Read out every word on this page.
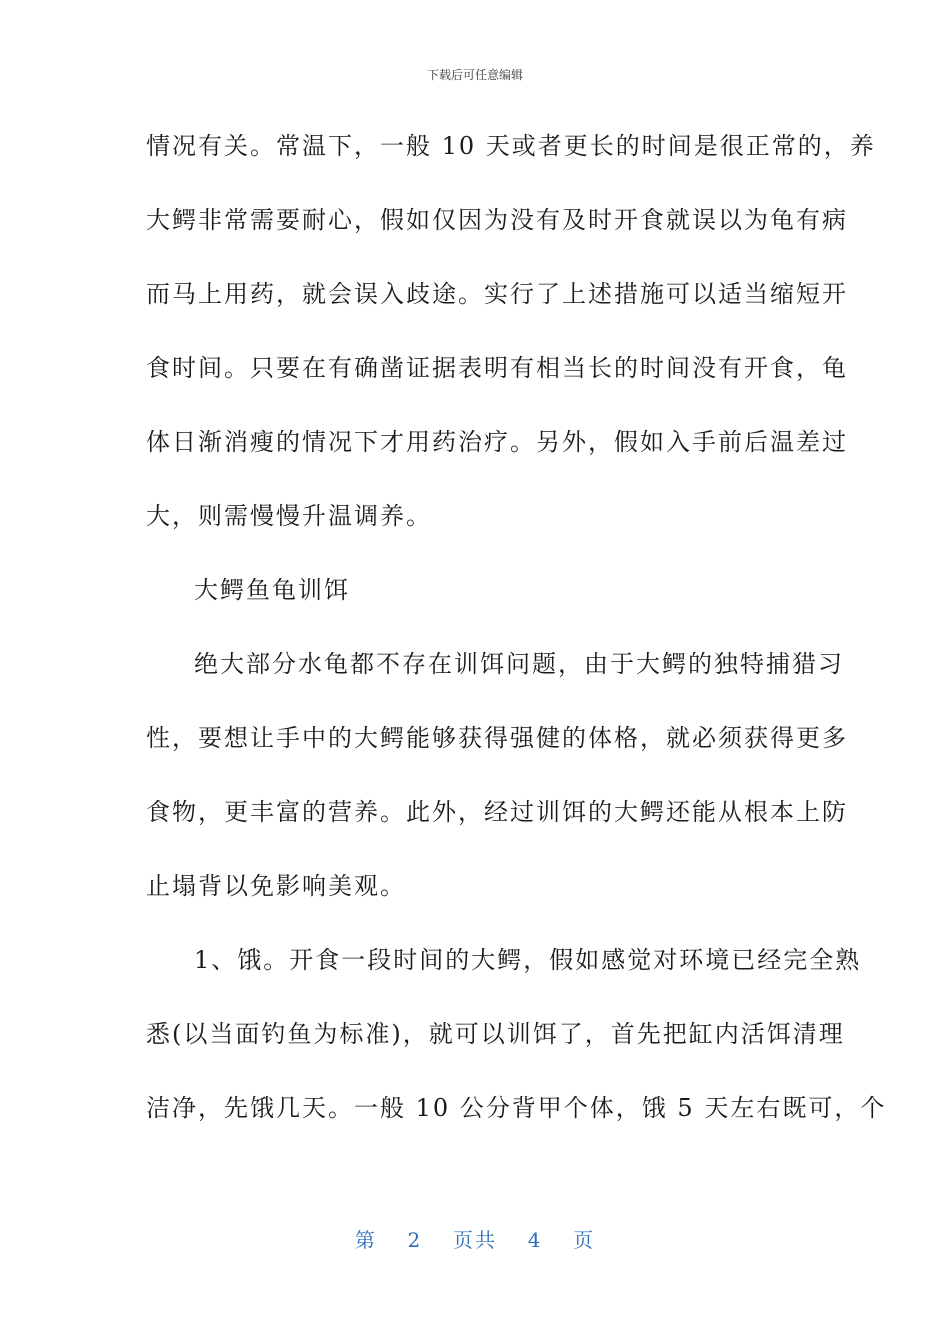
下载后可任意编辑
情况有关。常温下，一般 10 天或者更长的时间是很正常的，养
大鳄非常需要耐心，假如仅因为没有及时开食就误以为龟有病
而马上用药，就会误入歧途。实行了上述措施可以适当缩短开
食时间。只要在有确凿证据表明有相当长的时间没有开食，龟
体日渐消瘦的情况下才用药治疗。另外，假如入手前后温差过
大，则需慢慢升温调养。
大鳄鱼龟训饵
绝大部分水龟都不存在训饵问题，由于大鳄的独特捕猎习
性，要想让手中的大鳄能够获得强健的体格，就必须获得更多
食物，更丰富的营养。此外，经过训饵的大鳄还能从根本上防
止塌背以免影响美观。
1、饿。开食一段时间的大鳄，假如感觉对环境已经完全熟
悉(以当面钓鱼为标准)，就可以训饵了，首先把缸内活饵清理
洁净，先饿几天。一般 10 公分背甲个体，饿 5 天左右既可，个
第 2 页共 4 页
